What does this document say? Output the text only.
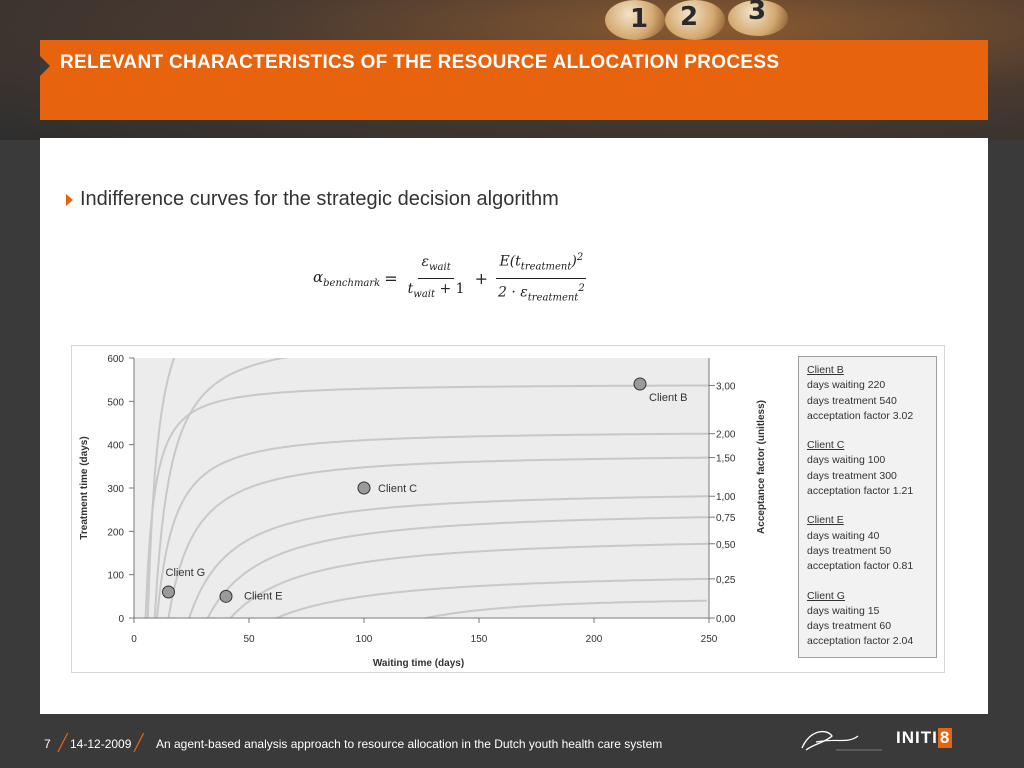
1 2 3
RELEVANT CHARACTERISTICS OF THE RESOURCE ALLOCATION PROCESS
Indifference curves for the strategic decision algorithm
$\alpha_{benchmark} = \frac{\varepsilon_{wait}}{t_{wait} + 1} + \frac{E(t_{treatment})^2}{2 \cdot \varepsilon_{treatment}^2}$
0,00
0,25
0,50
0,75
1,00
1,50
2,00
3,00
0
100
200
300
400
500
600
0	50	100	150	200	250
Waiting time (days)
Treatment time (days)	Acceptance factor (unitless)
Client B
Client C
Client E
Client G
Client B
days waiting 220
days treatment 540
acceptation factor 3.02
Client C
days waiting 100
days treatment 300
acceptation factor 1.21
Client E
days waiting 40
days treatment 50
acceptation factor 0.81
Client G
days waiting 15
days treatment 60
acceptation factor 2.04
7 ╱ 14-12-2009 ╱ An agent-based analysis approach to resource allocation in the Dutch youth health care system	INITI 8
